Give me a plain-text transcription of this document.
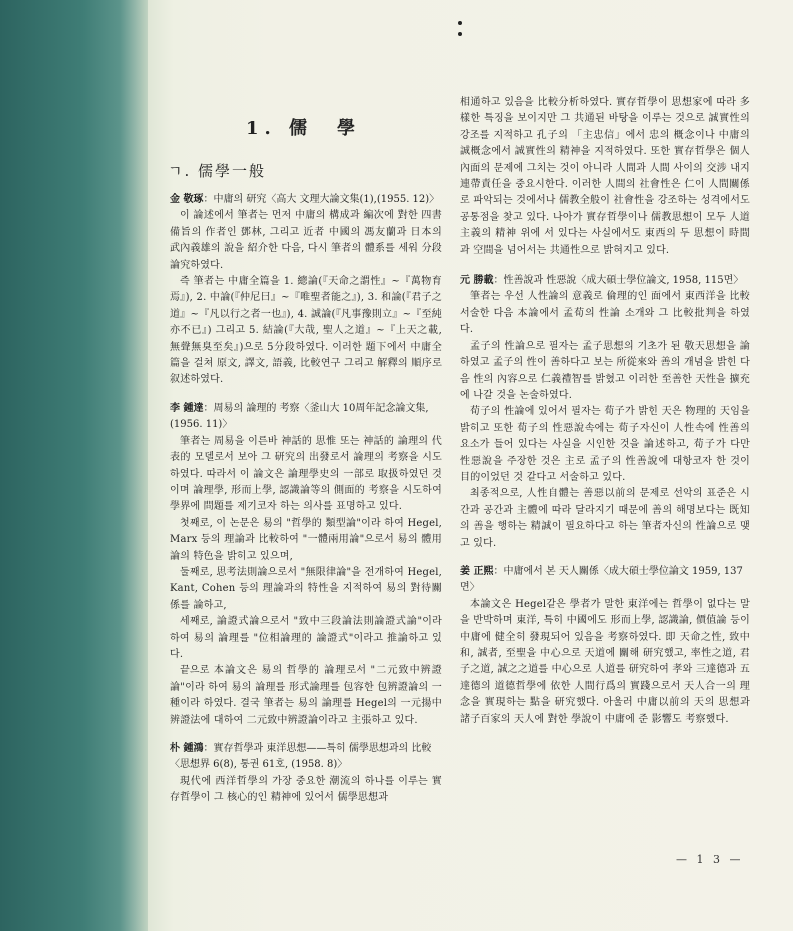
1. 儒　學
ㄱ. 儒學一般

金 敬琢：中庸의 研究〈高大 文理大論文集(1),(1955. 12)〉

이 論述에서 筆者는 먼저 中庸의 構成과 編次에 對한 四書備旨의 作者인 鄧林, 그리고 近者 中國의 馮友蘭과 日本의 武內義雄의 說을 紹介한 다음, 다시 筆者의 體系를 세워 分段論究하였다.

즉 筆者는 中庸全篇을 1. 總論(『天命之謂性』~『萬物育焉』), 2. 中論(『仲尼曰』~『唯聖者能之』), 3. 和論(『君子之道』~『凡以行之者一也』), 4. 誠論(『凡事豫則立』~『至純亦不已』) 그리고 5. 結論(『大哉, 聖人之道』~『上天之載, 無聲無臭至矣』)으로 5分段하였다. 이러한 題下에서 中庸全篇을 걸쳐 原文, 譯文, 語義, 比較연구 그리고 解釋의 順序로 叙述하였다.

李 鍾達：周易의 論理的 考察〈釜山大 10周年記念論文集, (1956. 11)〉

筆者는 周易을 이른바 神話的 思惟 또는 神話的 論理의 代表的 모델로서 보아 그 研究의 出發로서 論理의 考察을 시도하였다. 따라서 이 論文은 論理學史의 一部로 取扱하였던 것이며 論理學, 形而上學, 認識論等의 側面的 考察을 시도하여 學界에 問題를 제기코자 하는 의사를 표명하고 있다.

첫째로, 이 논문은 易의 "哲學的 類型論"이라 하여 Hegel, Marx 등의 理論과 比較하여 "一體兩用論"으로서 易의 體用論의 特色을 밝히고 있으며,

둘째로, 思考法則論으로서 "無限律論"을 전개하여 Hegel, Kant, Cohen 등의 理論과의 特性을 지적하여 易의 對待關係를 論하고,

세째로, 論證式論으로서 "致中三段論法則論證式論"이라 하여 易의 論理를 "位相論理的 論證式"이라고 推論하고 있다.

끝으로 本論文은 易의 哲學的 論理로서 "二元致中辨證論"이라 하여 易의 論理를 形式論理를 包容한 包辨證論의 一種이라 하였다. 결국 筆者는 易의 論理를 Hegel의 一元揚中辨證法에 대하여 二元致中辨證論이라고 主張하고 있다.

朴 鍾鴻：實存哲學과 東洋思想——특히 儒學思想과의 比較〈思想界 6(8), 통권 61호, (1958. 8)〉

現代에 西洋哲學의 가장 중요한 潮流의 하나를 이루는 實存哲學이 그 核心的인 精神에 있어서 儒學思想과

相通하고 있음을 比較分析하였다. 實存哲學이 思想家에 따라 多樣한 특징을 보이지만 그 共通된 바탕을 이루는 것으로 誠實性의 강조를 지적하고 孔子의 「主忠信」에서 忠의 概念이나 中庸의 誠概念에서 誠實性의 精神을 지적하였다. 또한 實存哲學은 個人內面의 문제에 그치는 것이 아니라 人間과 人間 사이의 交涉 내지 連帶責任을 중요시한다. 이러한 人間의 社會性은 仁이 人間關係로 파악되는 것에서나 儒教全般이 社會性을 강조하는 성격에서도 공통점을 찾고 있다. 나아가 實存哲學이나 儒教思想이 모두 人道主義의 精神 위에 서 있다는 사실에서도 東西의 두 思想이 時間과 空間을 넘어서는 共通性으로 밝혀지고 있다.

元 勝載：性善說과 性惡說〈成大碩士學位論文, 1958, 115면〉

筆者는 우선 人性論의 意義로 倫理的인 面에서 東西洋을 比較 서술한 다음 本論에서 孟荀의 性論 소개와 그 比較批判을 하였다.

孟子의 性論으로 필자는 孟子思想의 기초가 된 敬天思想을 論하였고 孟子의 性이 善하다고 보는 所從來와 善의 개념을 밝힌 다음 性의 內容으로 仁義禮智를 밝혔고 이러한 至善한 天性을 擴充에 나갈 것을 논술하였다.

荀子의 性論에 있어서 필자는 荀子가 밝힌 天은 物理的 天임을 밝히고 또한 荀子의 性惡說속에는 荀子자신이 人性속에 性善의 요소가 들어 있다는 사실을 시인한 것을 論述하고, 荀子가 다만 性惡說을 주장한 것은 主로 孟子의 性善說에 대항코자 한 것이 目的이었던 것 같다고 서술하고 있다.

최종적으로, 人性自體는 善惡以前의 문제로 선악의 표준은 시간과 공간과 主體에 따라 달라지기 때문에 善의 해명보다는 既知의 善을 행하는 精誠이 필요하다고 하는 筆者자신의 性論으로 맺고 있다.

姜 正熙：中庸에서 본 天人關係〈成大碩士學位論文 1959, 137면〉

本論文은 Hegel같은 學者가 말한 東洋에는 哲學이 없다는 말을 반박하며 東洋, 특히 中國에도 形而上學, 認識論, 價值論 등이 中庸에 健全히 發現되어 있음을 考察하였다. 即 天命之性, 致中和, 誠者, 至聖을 中心으로 天道에 關해 研究했고, 率性之道, 君子之道, 誠之之道를 中心으로 人道를 研究하여 孝와 三達德과 五達德의 道德哲學에 依한 人間行爲의 實踐으로서 天人合一의 理念을 實現하는 點을 研究했다. 아울러 中庸以前의 天의 思想과 諸子百家의 天人에 對한 學說이 中庸에 준 影響도 考察했다.

— 1 3 —
